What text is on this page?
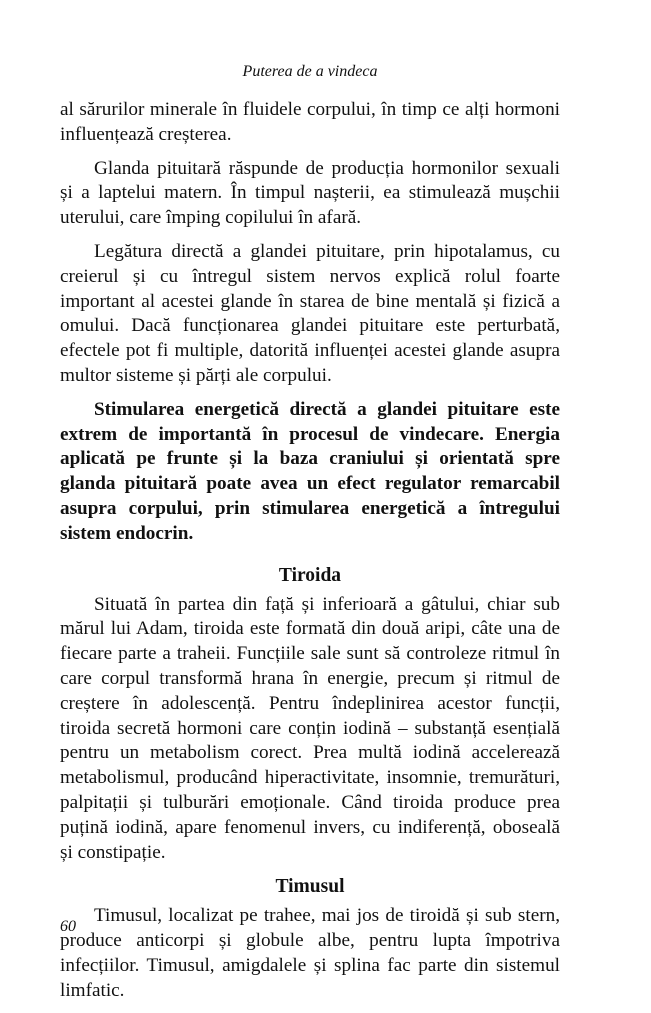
Puterea de a vindeca

al sărurilor minerale în fluidele corpului, în timp ce alți hormoni influențează creșterea.

Glanda pituitară răspunde de producția hormonilor sexuali și a laptelui matern. În timpul nașterii, ea stimulează mușchii uterului, care împing copilului în afară.

Legătura directă a glandei pituitare, prin hipotalamus, cu creierul și cu întregul sistem nervos explică rolul foarte important al acestei glande în starea de bine mentală și fizică a omului. Dacă funcționarea glandei pituitare este perturbată, efectele pot fi multiple, datorită influenței acestei glande asupra multor sisteme și părți ale corpului.

Stimularea energetică directă a glandei pituitare este extrem de importantă în procesul de vindecare. Energia aplicată pe frunte și la baza craniului și orientată spre glanda pituitară poate avea un efect regulator remarcabil asupra corpului, prin stimularea energetică a întregului sistem endocrin.

Tiroida

Situată în partea din față și inferioară a gâtului, chiar sub mărul lui Adam, tiroida este formată din două aripi, câte una de fiecare parte a traheii. Funcțiile sale sunt să controleze ritmul în care corpul transformă hrana în energie, precum și ritmul de creștere în adolescență. Pentru îndeplinirea acestor funcții, tiroida secretă hormoni care conțin iodină – substanță esențială pentru un metabolism corect. Prea multă iodină accelerează metabolismul, producând hiperactivitate, insomnie, tremurături, palpitații și tulburări emoționale. Când tiroida produce prea puțină iodină, apare fenomenul invers, cu indiferență, oboseală și constipație.

Timusul

Timusul, localizat pe trahee, mai jos de tiroidă și sub stern, produce anticorpi și globule albe, pentru lupta împotriva infecțiilor. Timusul, amigdalele și splina fac parte din sistemul limfatic.

60
